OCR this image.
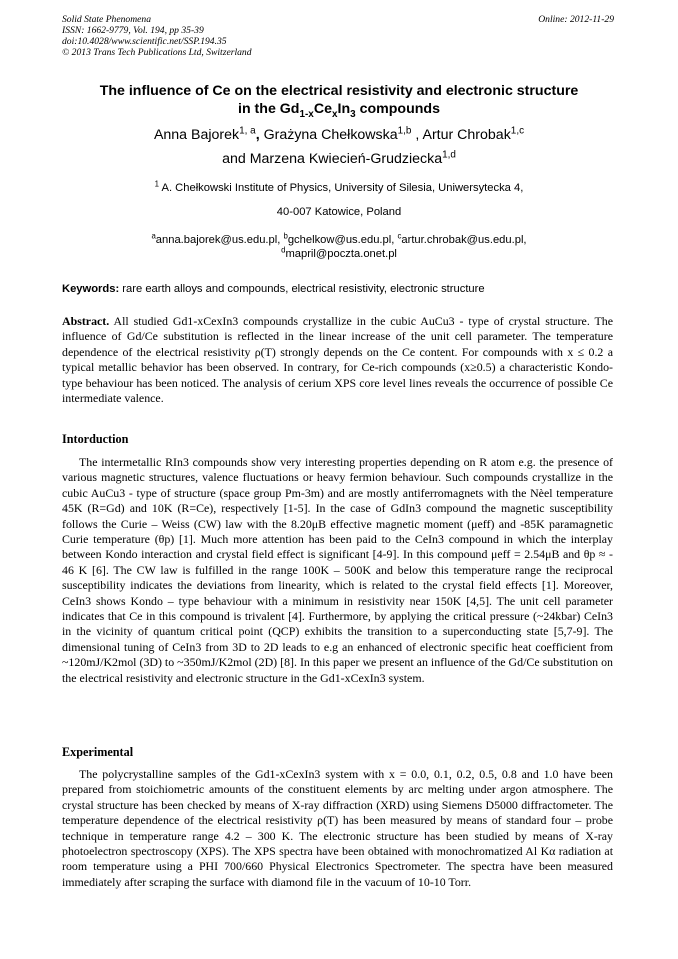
Solid State Phenomena
ISSN: 1662-9779, Vol. 194, pp 35-39
doi:10.4028/www.scientific.net/SSP.194.35
© 2013 Trans Tech Publications Ltd, Switzerland
Online: 2012-11-29
The influence of Ce on the electrical resistivity and electronic structure
in the $Gd_{1-x}Ce_xIn_3$ compounds
Anna Bajorek$^{1, a}$, Grażyna Chełkowska$^{1,b}$ , Artur Chrobak$^{1,c}$
and Marzena Kwiecień-Grudziecka$^{1,d}$
$^1$ A. Chełkowski Institute of Physics, University of Silesia, Uniwersytecka 4,
40-007 Katowice, Poland
$^a$anna.bajorek@us.edu.pl, $^b$gchelkow@us.edu.pl, $^c$artur.chrobak@us.edu.pl,
$^d$mapril@poczta.onet.pl
Keywords: rare earth alloys and compounds, electrical resistivity, electronic structure

Abstract. All studied Gd1-xCexIn3 compounds crystallize in the cubic AuCu3 - type of crystal structure. The influence of Gd/Ce substitution is reflected in the linear increase of the unit cell parameter. The temperature dependence of the electrical resistivity ρ(T) strongly depends on the Ce content. For compounds with x ≤ 0.2 a typical metallic behavior has been observed. In contrary, for Ce-rich compounds (x≥0.5) a characteristic Kondo-type behaviour has been noticed. The analysis of cerium XPS core level lines reveals the occurrence of possible Ce intermediate valence.

Intorduction

The intermetallic RIn3 compounds show very interesting properties depending on R atom e.g. the presence of various magnetic structures, valence fluctuations or heavy fermion behaviour. Such compounds crystallize in the cubic AuCu3 - type of structure (space group Pm-3m) and are mostly antiferromagnets with the Nèel temperature 45K (R=Gd) and 10K (R=Ce), respectively [1-5]. In the case of GdIn3 compound the magnetic susceptibility follows the Curie – Weiss (CW) law with the 8.20μB effective magnetic moment (μeff) and -85K paramagnetic Curie temperature (θp) [1]. Much more attention has been paid to the CeIn3 compound in which the interplay between Kondo interaction and crystal field effect is significant [4-9]. In this compound μeff = 2.54μB and θp ≈ - 46 K [6]. The CW law is fulfilled in the range 100K – 500K and below this temperature range the reciprocal susceptibility indicates the deviations from linearity, which is related to the crystal field effects [1]. Moreover, CeIn3 shows Kondo – type behaviour with a minimum in resistivity near 150K [4,5]. The unit cell parameter indicates that Ce in this compound is trivalent [4]. Furthermore, by applying the critical pressure (~24kbar) CeIn3 in the vicinity of quantum critical point (QCP) exhibits the transition to a superconducting state [5,7-9]. The dimensional tuning of CeIn3 from 3D to 2D leads to e.g an enhanced of electronic specific heat coefficient from ~120mJ/K2mol (3D) to ~350mJ/K2mol (2D) [8]. In this paper we present an influence of the Gd/Ce substitution on the electrical resistivity and electronic structure in the Gd1-xCexIn3 system.

Experimental

The polycrystalline samples of the Gd1-xCexIn3 system with x = 0.0, 0.1, 0.2, 0.5, 0.8 and 1.0 have been prepared from stoichiometric amounts of the constituent elements by arc melting under argon atmosphere. The crystal structure has been checked by means of X-ray diffraction (XRD) using Siemens D5000 diffractometer. The temperature dependence of the electrical resistivity ρ(T) has been measured by means of standard four – probe technique in temperature range 4.2 – 300 K. The electronic structure has been studied by means of X-ray photoelectron spectroscopy (XPS). The XPS spectra have been obtained with monochromatized Al Kα radiation at room temperature using a PHI 700/660 Physical Electronics Spectrometer. The spectra have been measured immediately after scraping the surface with diamond file in the vacuum of 10-10 Torr.
